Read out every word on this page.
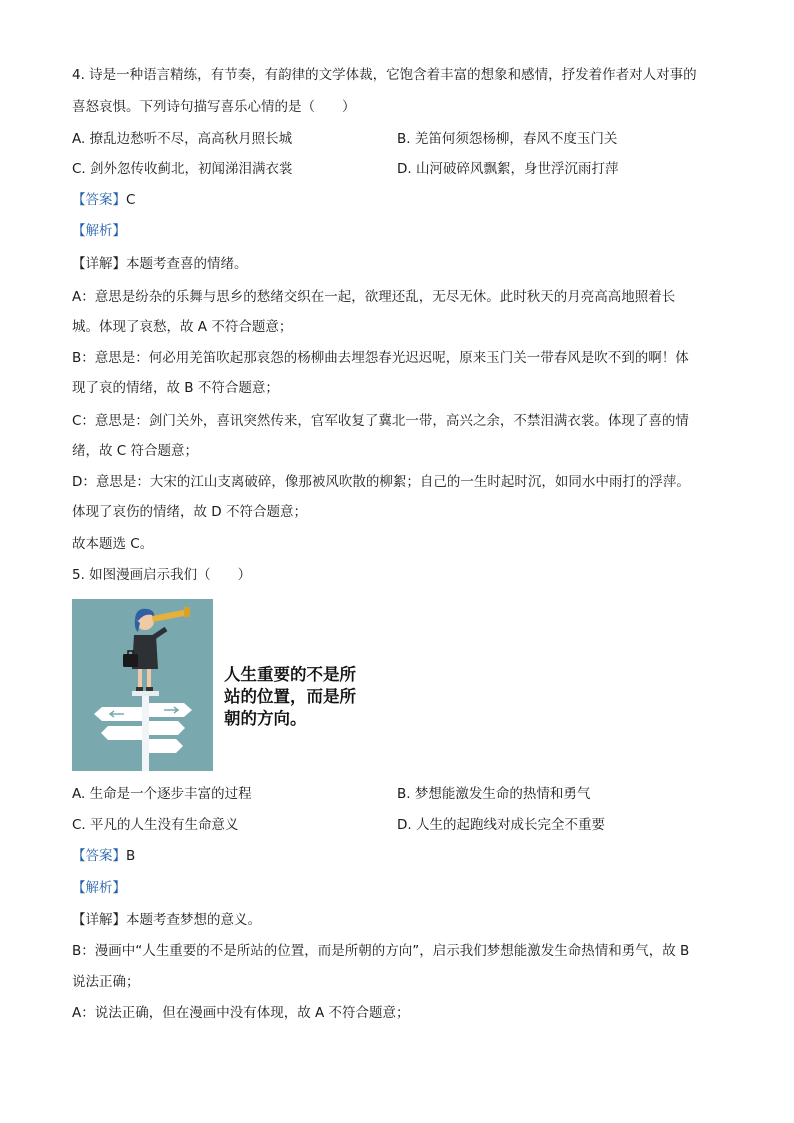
4. 诗是一种语言精练，有节奏，有韵律的文学体裁，它饱含着丰富的想象和感情，抒发着作者对人对事的
喜怒哀惧。下列诗句描写喜乐心情的是（　　）
A. 撩乱边愁听不尽，高高秋月照长城	B. 羌笛何须怨杨柳，春风不度玉门关
C. 剑外忽传收蓟北，初闻涕泪满衣裳	D. 山河破碎风飘絮，身世浮沉雨打萍
【答案】C
【解析】
【详解】本题考查喜的情绪。
A：意思是纷杂的乐舞与思乡的愁绪交织在一起，欲理还乱，无尽无休。此时秋天的月亮高高地照着长
城。体现了哀愁，故 A 不符合题意；
B：意思是：何必用羌笛吹起那哀怨的杨柳曲去埋怨春光迟迟呢，原来玉门关一带春风是吹不到的啊！体
现了哀的情绪，故 B 不符合题意；
C：意思是：剑门关外，喜讯突然传来，官军收复了冀北一带，高兴之余，不禁泪满衣裳。体现了喜的情
绪，故 C 符合题意；
D：意思是：大宋的江山支离破碎，像那被风吹散的柳絮；自己的一生时起时沉，如同水中雨打的浮萍。
体现了哀伤的情绪，故 D 不符合题意；
故本题选 C。
5. 如图漫画启示我们（　　）
人生重要的不是所
站的位置，而是所
朝的方向。
A. 生命是一个逐步丰富的过程	B. 梦想能激发生命的热情和勇气
C. 平凡的人生没有生命意义	D. 人生的起跑线对成长完全不重要
【答案】B
【解析】
【详解】本题考查梦想的意义。
B：漫画中“人生重要的不是所站的位置，而是所朝的方向”，启示我们梦想能激发生命热情和勇气，故 B
说法正确；
A：说法正确，但在漫画中没有体现，故 A 不符合题意；
